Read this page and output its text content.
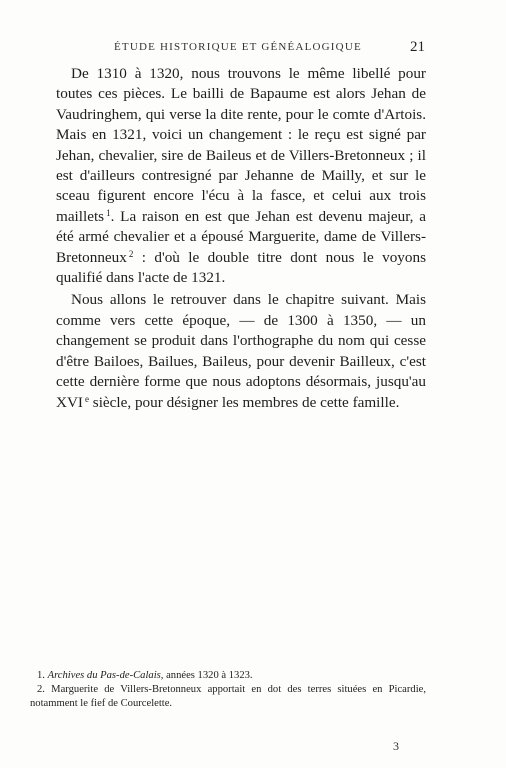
ÉTUDE HISTORIQUE ET GÉNÉALOGIQUE	21

De 1310 à 1320, nous trouvons le même libellé pour toutes ces pièces. Le bailli de Bapaume est alors Jehan de Vaudringhem, qui verse la dite rente, pour le comte d'Artois. Mais en 1321, voici un changement : le reçu est signé par Jehan, chevalier, sire de Baileus et de Villers-Bretonneux ; il est d'ailleurs contresigné par Jehanne de Mailly, et sur le sceau figurent encore l'écu à la fasce, et celui aux trois maillets $^1$. La raison en est que Jehan est devenu majeur, a été armé chevalier et a épousé Marguerite, dame de Villers-Bretonneux $^2$ : d'où le double titre dont nous le voyons qualifié dans l'acte de 1321.

Nous allons le retrouver dans le chapitre suivant. Mais comme vers cette époque, — de 1300 à 1350, — un changement se produit dans l'orthographe du nom qui cesse d'être Bailoes, Bailues, Baileus, pour devenir Bailleux, c'est cette dernière forme que nous adoptons désormais, jusqu'au XVI $^e$ siècle, pour désigner les membres de cette famille.

1. Archives du Pas-de-Calais, années 1320 à 1323.

2. Marguerite de Villers-Bretonneux apportait en dot des terres situées en Picardie, notamment le fief de Courcelette.

3
